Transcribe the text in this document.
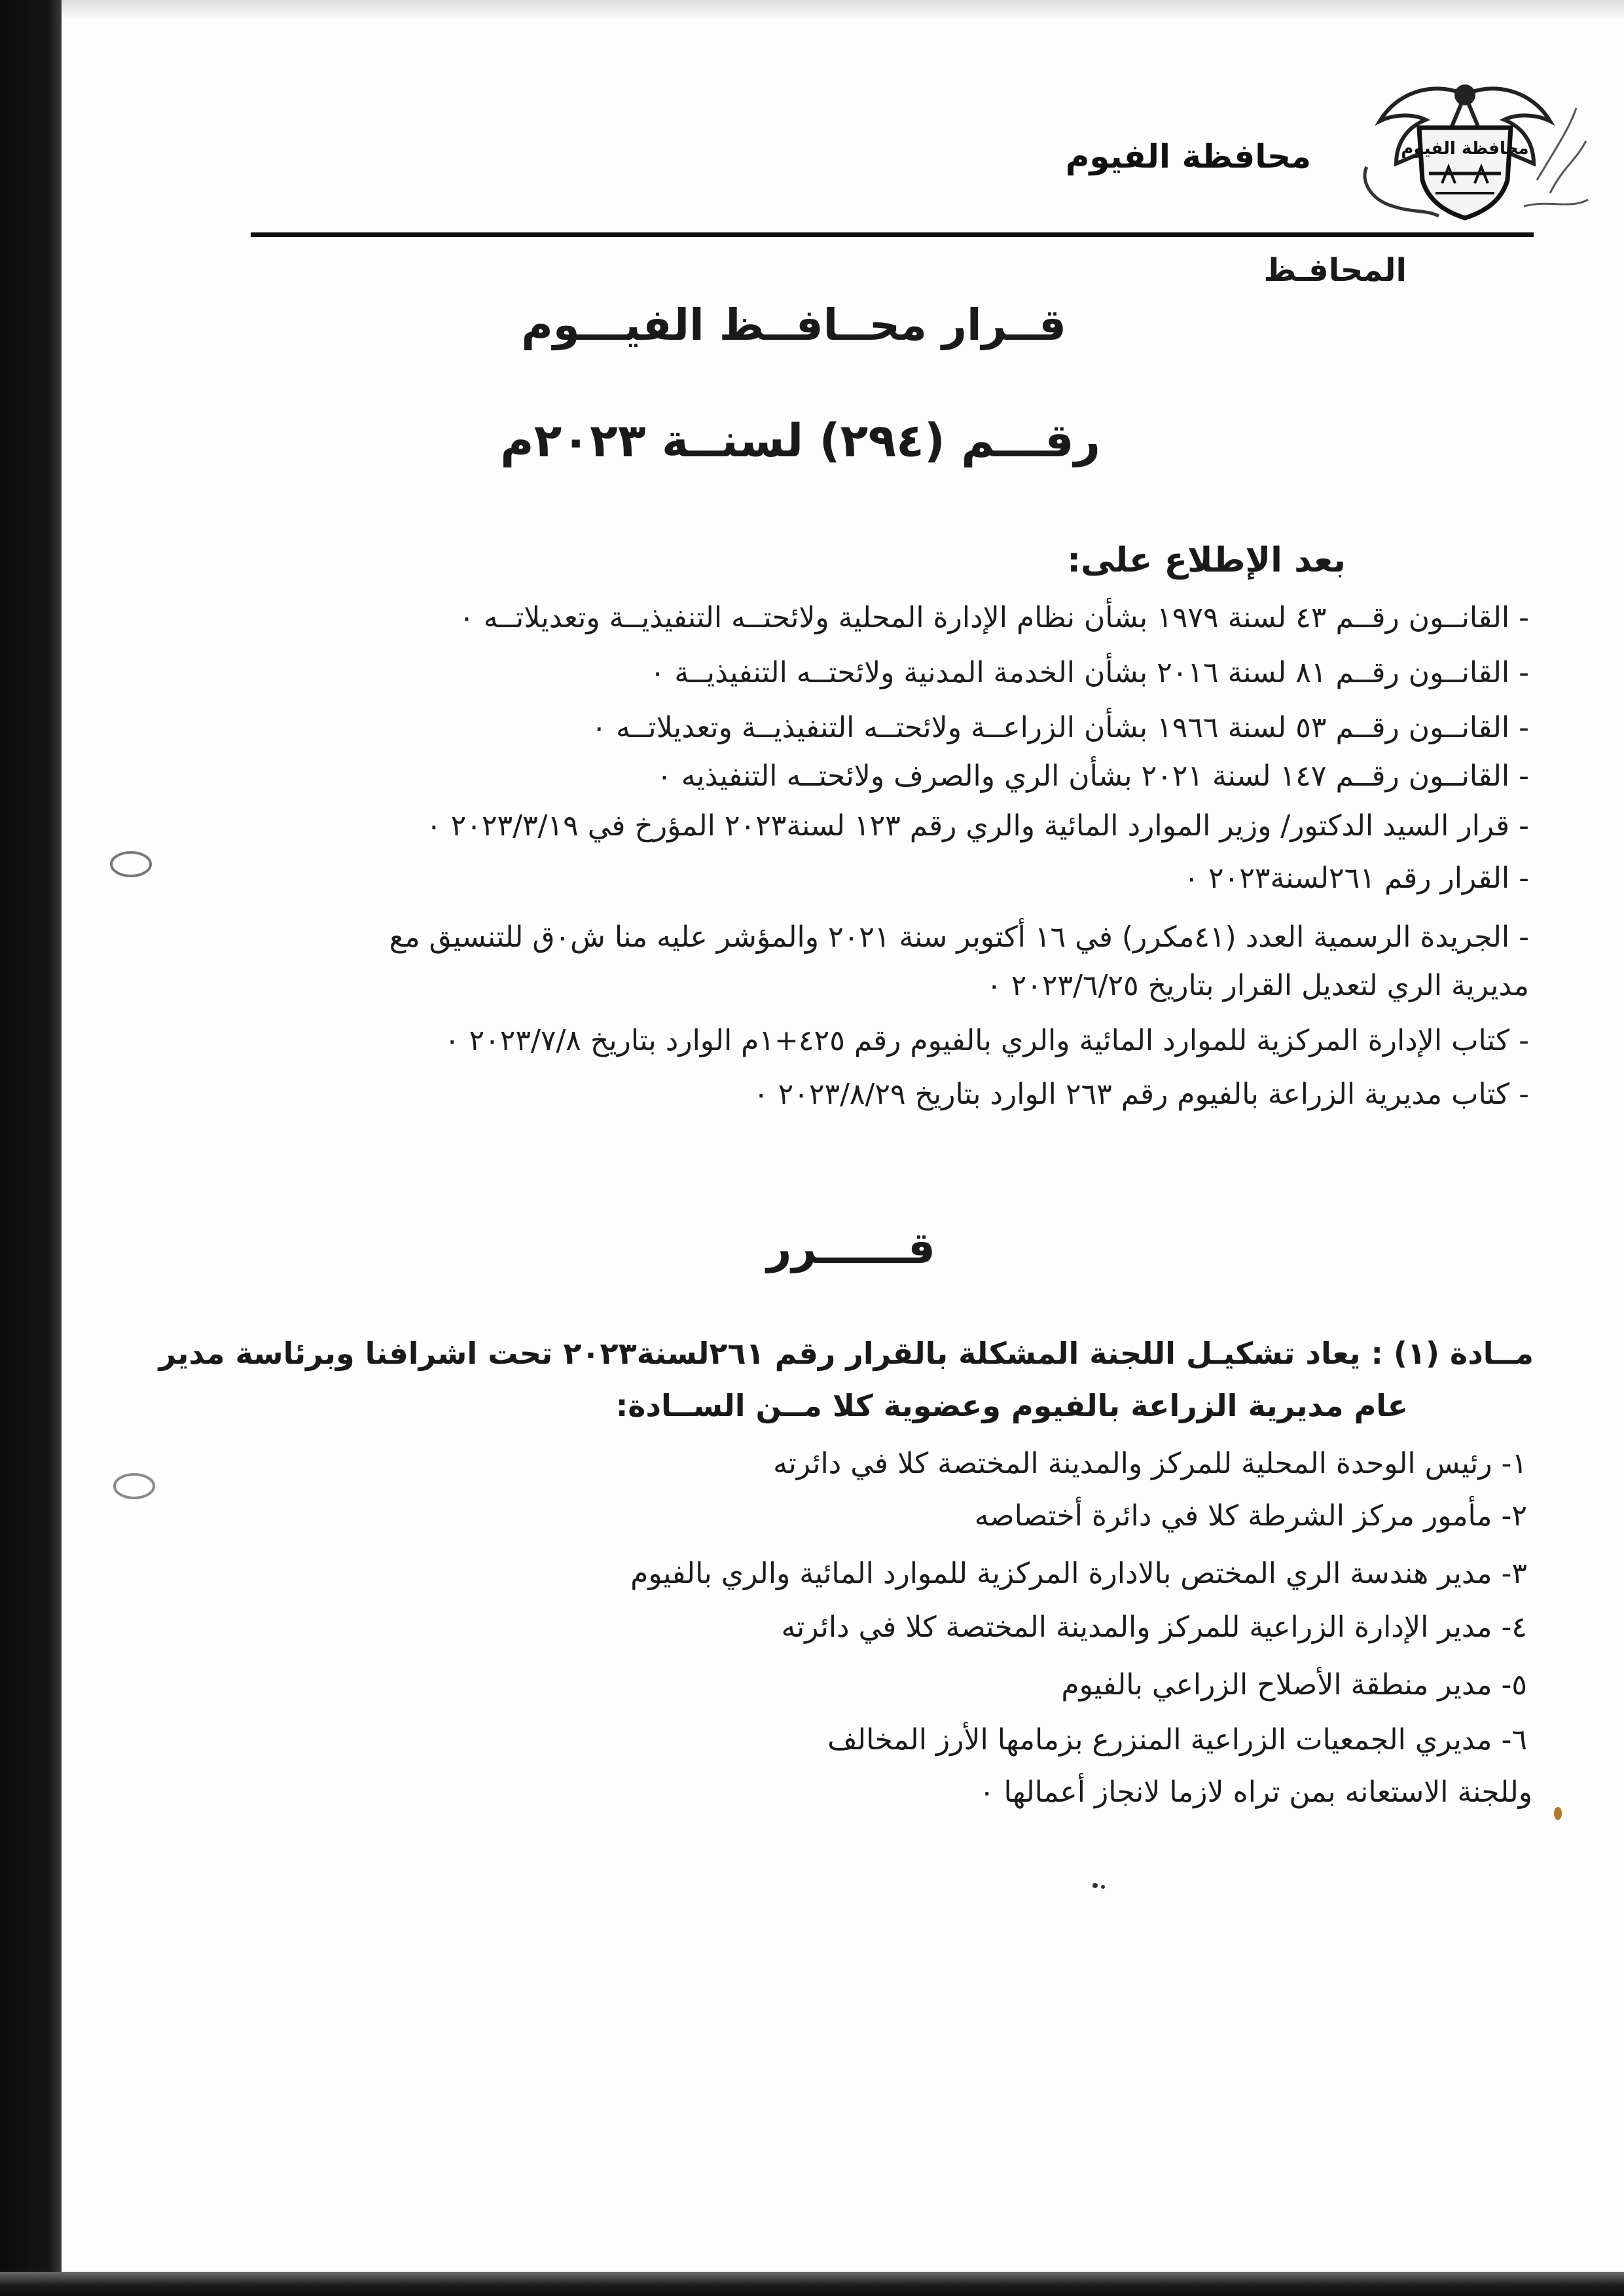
محافظة الفيوم
محافظة الفيوم
المحافـظ
قــرار محــافــظ الفيـــوم
رقـــم (٢٩٤) لسنــة ٢٠٢٣م
بعد الإطلاع على:
- القانــون رقــم ٤٣ لسنة ١٩٧٩ بشأن نظام الإدارة المحلية ولائحتــه التنفيذيــة وتعديلاتــه ٠
- القانــون رقــم ٨١ لسنة ٢٠١٦ بشأن الخدمة المدنية ولائحتــه التنفيذيــة ٠
- القانــون رقــم ٥٣ لسنة ١٩٦٦ بشأن الزراعــة ولائحتــه التنفيذيــة وتعديلاتــه ٠
- القانــون رقــم ١٤٧ لسنة ٢٠٢١ بشأن الري والصرف ولائحتــه التنفيذيه ٠
- قرار السيد الدكتور/ وزير الموارد المائية والري رقم ١٢٣ لسنة٢٠٢٣ المؤرخ في ٢٠٢٣/٣/١٩ ٠
- القرار رقم ٢٦١لسنة٢٠٢٣ ٠
- الجريدة الرسمية العدد (٤١مكرر) في ١٦ أكتوبر سنة ٢٠٢١ والمؤشر عليه منا ش٠ق للتنسيق مع
مديرية الري لتعديل القرار بتاريخ ٢٠٢٣/٦/٢٥ ٠
- كتاب الإدارة المركزية للموارد المائية والري بالفيوم رقم ٤٢٥+١م الوارد بتاريخ ٢٠٢٣/٧/٨ ٠
- كتاب مديرية الزراعة بالفيوم رقم ٢٦٣ الوارد بتاريخ ٢٠٢٣/٨/٢٩ ٠
قــــــرر
مــادة (١) : يعاد تشكيـل اللجنة المشكلة بالقرار رقم ٢٦١لسنة٢٠٢٣ تحت اشرافنا وبرئاسة مدير
عام مديرية الزراعة بالفيوم وعضوية كلا مــن الســادة:
١- رئيس الوحدة المحلية للمركز والمدينة المختصة كلا في دائرته
٢- مأمور مركز الشرطة كلا في دائرة أختصاصه
٣- مدير هندسة الري المختص بالادارة المركزية للموارد المائية والري بالفيوم
٤- مدير الإدارة الزراعية للمركز والمدينة المختصة كلا في دائرته
٥- مدير منطقة الأصلاح الزراعي بالفيوم
٦- مديري الجمعيات الزراعية المنزرع بزمامها الأرز المخالف
وللجنة الاستعانه بمن تراه لازما لانجاز أعمالها ٠
